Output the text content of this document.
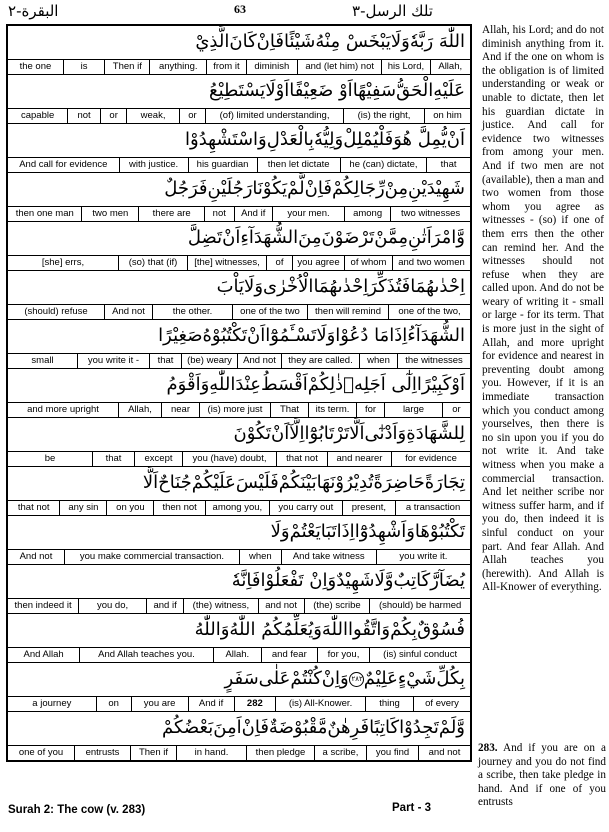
البقرة-٢	63	تلك الرسل-٣
اللّٰهَ رَبَّهٗوَلَايَبْخَسْ مِنْهُشَيْئًافَاِنْكَانَالَّذِيْ
Allah,
his Lord,
and (let him) not
diminish
from it
anything.
Then if
is
the one
عَلَيْهِالْحَقُّسَفِيْهًااَوْ ضَعِيْفًااَوْلَايَسْتَطِيْعُ
on him
(is) the right,
(of) limited understanding,
or
weak,
or
not
capable
اَنْيُّمِلَّ هُوَفَلْيُمْلِلْوَلِيُّهٗبِالْعَدْلِوَاسْتَشْهِدُوْا
that
he (can) dictate,
then let dictate
his guardian
with justice.
And call for evidence
شَهِيْدَيْنِمِنْرِّجَالِكُمْفَاِنْلَّمْيَكُوْنَارَجُلَيْنِفَرَجُلٌ
two witnesses
among
your men.
And if
not
there are
two men
then one man
وَّامْرَاَتٰنِمِمَّنْتَرْضَوْنَمِنَالشُّهَدَآءِاَنْتَضِلَّ
and two women
of whom
you agree
of
[the] witnesses,
(so) that (if)
[she] errs,
اِحْدٰىهُمَافَتُذَكِّرَاِحْدٰىهُمَاالْاُخْرٰىوَلَايَاْبَ
one of the two,
then will remind
one of the two
the other.
And not
(should) refuse
الشُّهَدَآءُاِذَامَا دُعُوْاوَلَاتَسْـَٔمُوْٓااَنْتَكْتُبُوْهُصَغِيْرًا
the witnesses
when
they are called.
And not
(be) weary
that
you write it -
small
اَوْكَبِيْرًااِلٰٓى اَجَلِهٖذٰلِكُمْاَقْسَطُعِنْدَاللّٰهِوَاَقْوَمُ
or
large
for
its term.
That
(is) more just
near
Allah,
and more upright
لِلشَّهَادَةِوَاَدْنٰٓىاَلَّاتَرْتَابُوْٓااِلَّآاَنْتَكُوْنَ
for evidence
and nearer
that not
you (have) doubt,
except
that
be
تِجَارَةًحَاضِرَةًتُدِيْرُوْنَهَابَيْنَكُمْفَلَيْسَعَلَيْكُمْجُنَاحٌاَلَّا
a transaction
present,
you carry out
among you,
then not
on you
any sin
that not
تَكْتُبُوْهَاوَاَشْهِدُوْٓااِذَاتَبَايَعْتُمْوَلَا
you write it.
And take witness
when
you make commercial transaction.
And not
يُضَآرَّكَاتِبٌوَّلَاشَهِيْدٌوَاِنْ تَفْعَلُوْافَاِنَّهٗ
(should) be harmed
(the) scribe
and not
(the) witness,
and if
you do,
then indeed it
فُسُوْقٌبِكُمْوَاتَّقُوااللّٰهَوَيُعَلِّمُكُمُ اللّٰهُوَاللّٰهُ
(is) sinful conduct
for you,
and fear
Allah.
And Allah teaches you.
And Allah
بِكُلِّشَيْءٍعَلِيْمٌ٢٨٢وَاِنْكُنْتُمْعَلٰىسَفَرٍ
of every
thing
(is) All-Knower.
282
And if
you are
on
a journey
وَّلَمْتَجِدُوْاكَاتِبًافَرِهٰنٌمَّقْبُوْضَةٌفَاِنْاَمِنَبَعْضُكُمْ
and not
you find
a scribe,
then pledge
in hand.
Then if
entrusts
one of you
Allah, his Lord; and do not diminish anything from it. And if the one on whom is the obligation is of limited understanding or weak or unable to dictate, then let his guardian dictate in justice. And call for evidence two witnesses from among your men. And if two men are not (available), then a man and two women from those whom you agree as witnesses - (so) if one of them errs then the other can remind her. And the witnesses should not refuse when they are called upon. And do not be weary of writing it - small or large - for its term. That is more just in the sight of Allah, and more upright for evidence and nearest in preventing doubt among you. However, if it is an immediate transaction which you conduct among yourselves, then there is no sin upon you if you do not write it. And take witness when you make a commercial transaction. And let neither scribe nor witness suffer harm, and if you do, then indeed it is sinful conduct on your part. And fear Allah. And Allah teaches you (herewith). And Allah is All-Knower of everything.
283. And if you are on a journey and you do not find a scribe, then take pledge in hand. And if one of you entrusts
Surah 2: The cow (v. 283)	Part - 3
